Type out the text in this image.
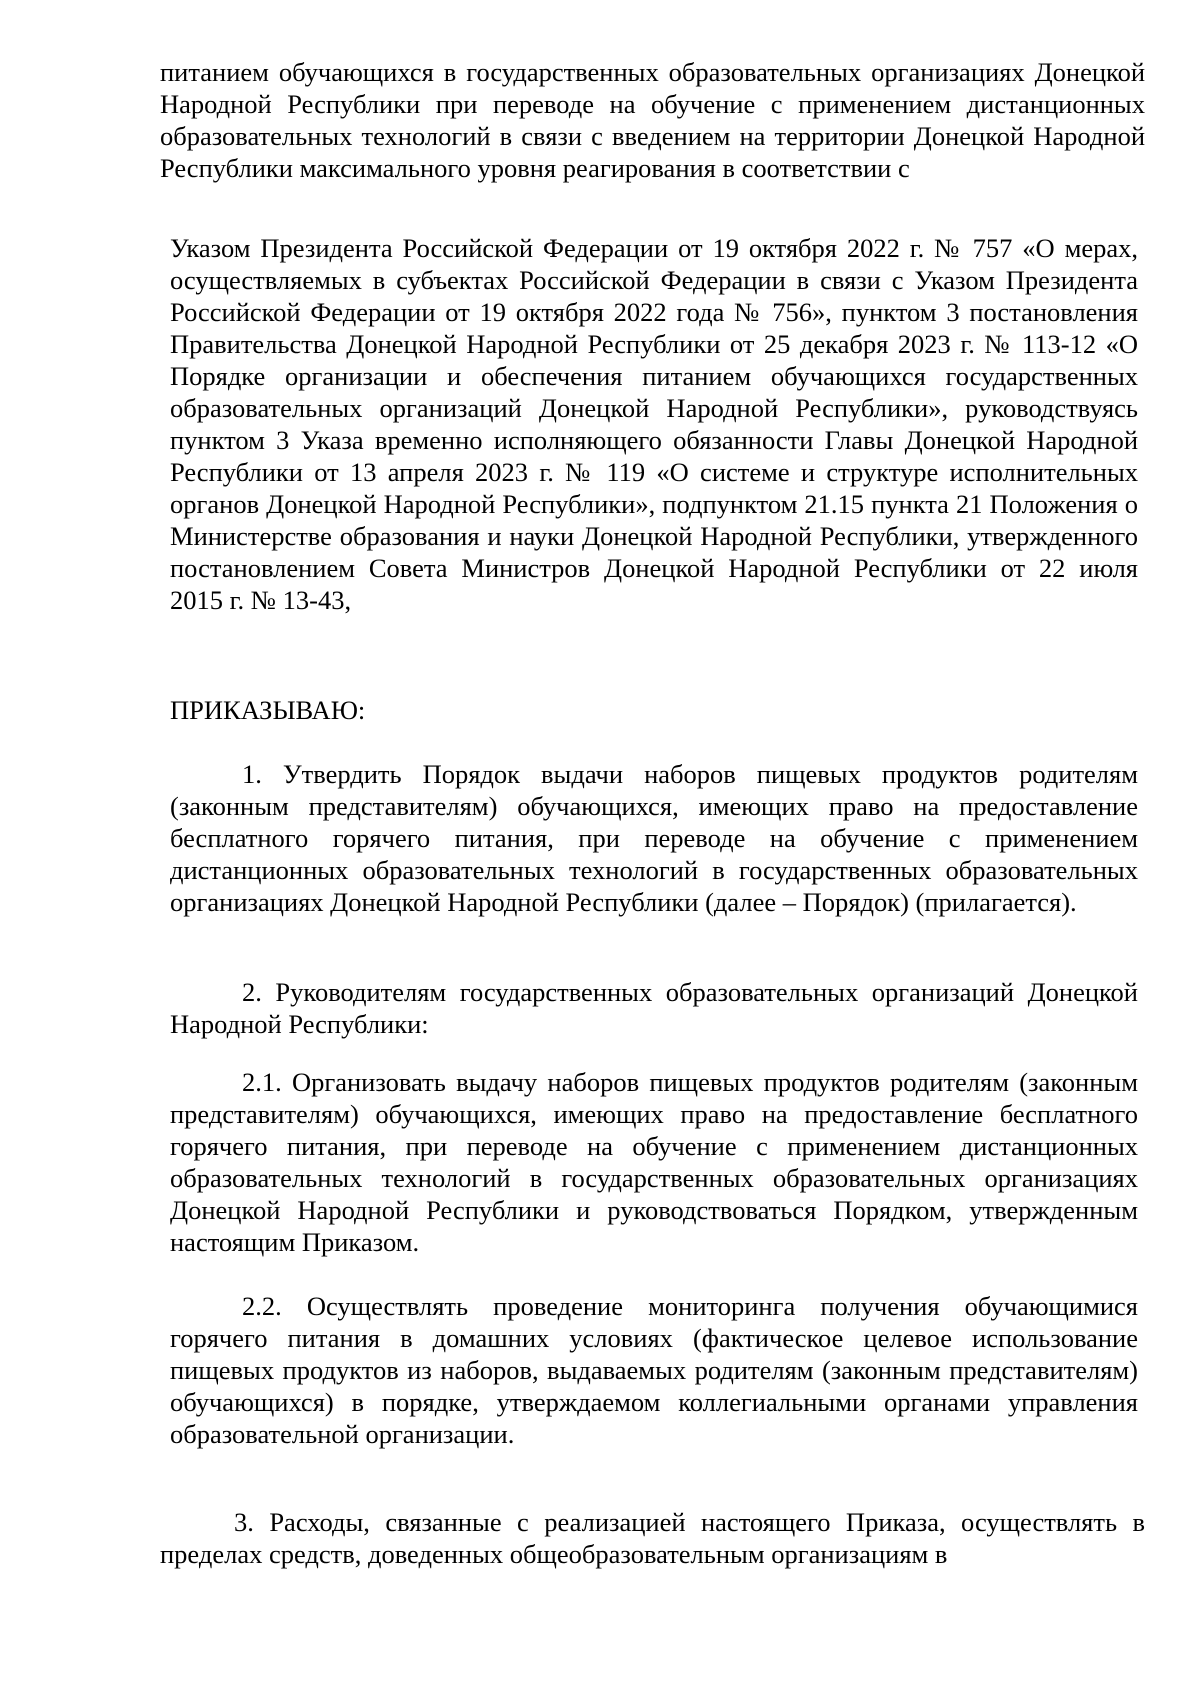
питанием обучающихся в государственных образовательных организациях Донецкой Народной Республики при переводе на обучение с применением дистанционных образовательных технологий в связи с введением на территории Донецкой Народной Республики максимального уровня реагирования в соответствии с

Указом Президента Российской Федерации от 19 октября 2022 г. № 757 «О мерах, осуществляемых в субъектах Российской Федерации в связи с Указом Президента Российской Федерации от 19 октября 2022 года № 756», пунктом 3 постановления Правительства Донецкой Народной Республики от 25 декабря 2023 г. № 113-12 «О Порядке организации и обеспечения питанием обучающихся государственных образовательных организаций Донецкой Народной Республики», руководствуясь пунктом 3 Указа временно исполняющего обязанности Главы Донецкой Народной Республики от 13 апреля 2023 г. № 119 «О системе и структуре исполнительных органов Донецкой Народной Республики», подпунктом 21.15 пункта 21 Положения о Министерстве образования и науки Донецкой Народной Республики, утвержденного постановлением Совета Министров Донецкой Народной Республики от 22 июля 2015 г. № 13-43,

ПРИКАЗЫВАЮ:

1. Утвердить Порядок выдачи наборов пищевых продуктов родителям (законным представителям) обучающихся, имеющих право на предоставление бесплатного горячего питания, при переводе на обучение с применением дистанционных образовательных технологий в государственных образовательных организациях Донецкой Народной Республики (далее – Порядок) (прилагается).

2. Руководителям государственных образовательных организаций Донецкой Народной Республики:

2.1. Организовать выдачу наборов пищевых продуктов родителям (законным представителям) обучающихся, имеющих право на предоставление бесплатного горячего питания, при переводе на обучение с применением дистанционных образовательных технологий в государственных образовательных организациях Донецкой Народной Республики и руководствоваться Порядком, утвержденным настоящим Приказом.

2.2. Осуществлять проведение мониторинга получения обучающимися горячего питания в домашних условиях (фактическое целевое использование пищевых продуктов из наборов, выдаваемых родителям (законным представителям) обучающихся) в порядке, утверждаемом коллегиальными органами управления образовательной организации.

3. Расходы, связанные с реализацией настоящего Приказа, осуществлять в пределах средств, доведенных общеобразовательным организациям в
